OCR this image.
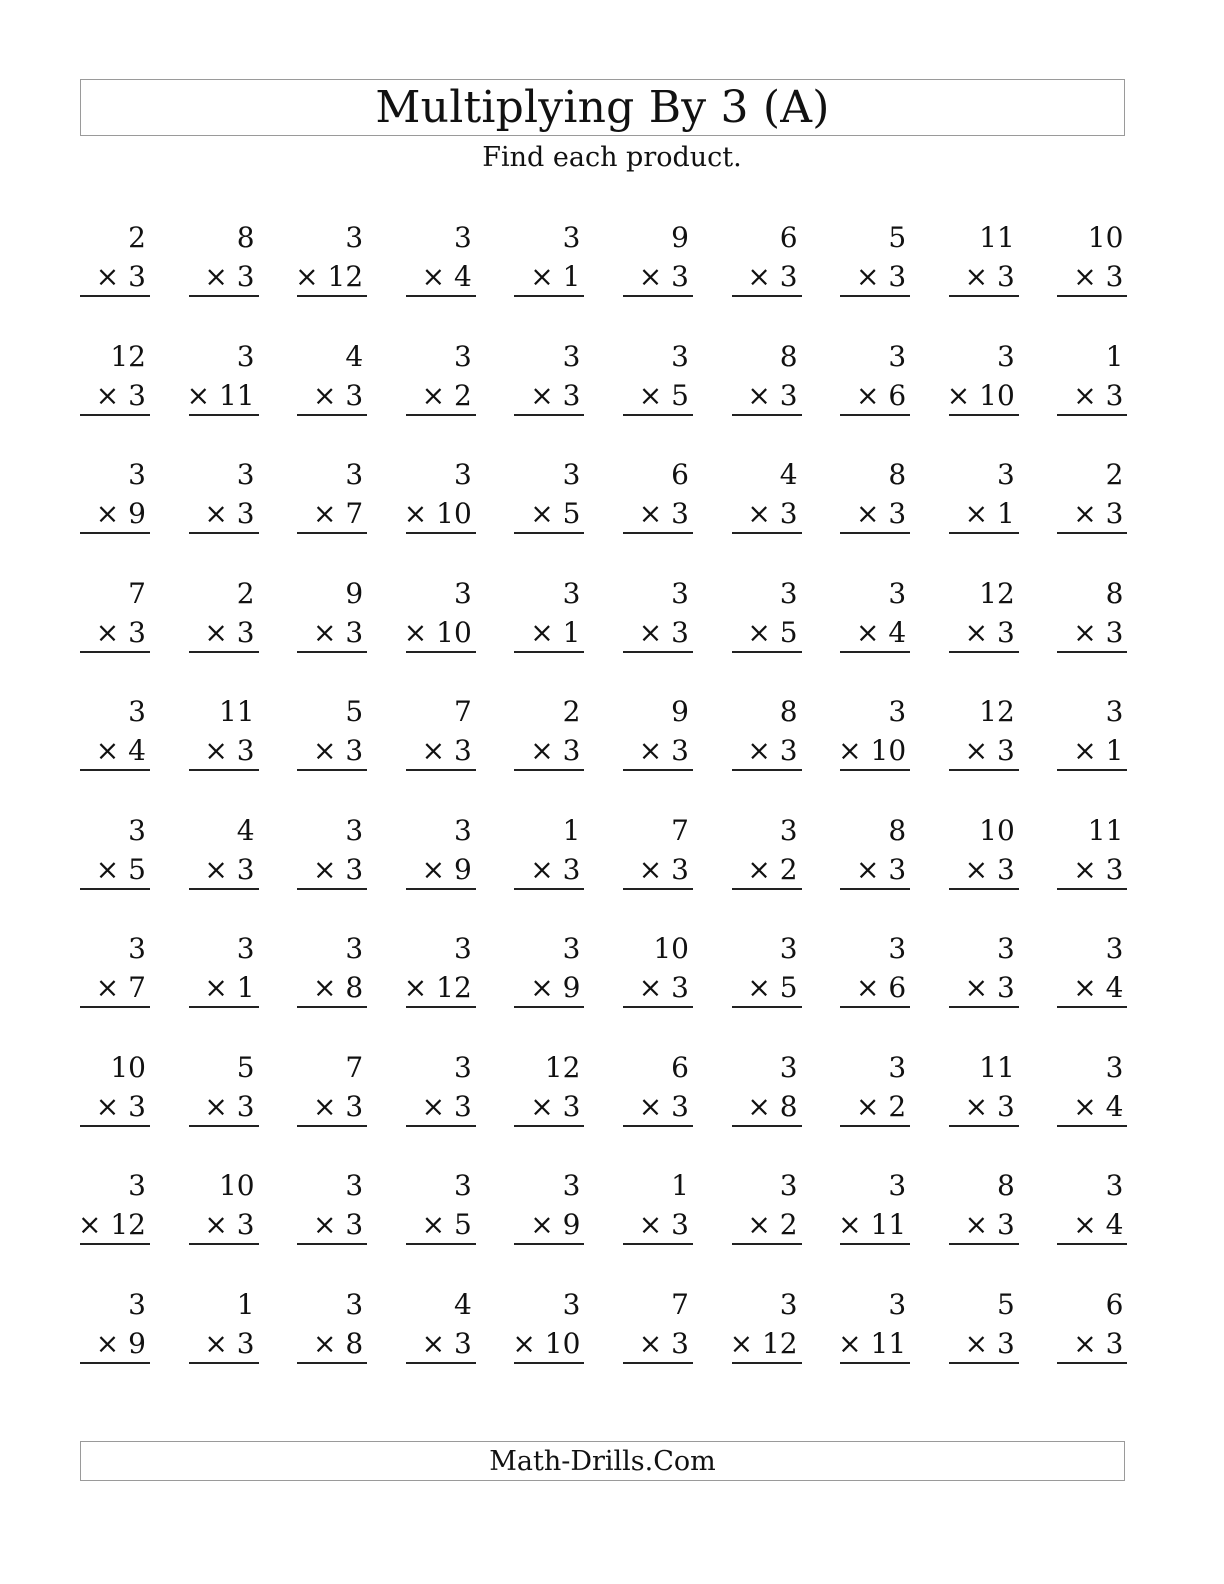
Multiplying By 3 (A)
Find each product.
2
× 3
8
× 3
3
× 12
3
× 4
3
× 1
9
× 3
6
× 3
5
× 3
11
× 3
10
× 3
12
× 3
3
× 11
4
× 3
3
× 2
3
× 3
3
× 5
8
× 3
3
× 6
3
× 10
1
× 3
3
× 9
3
× 3
3
× 7
3
× 10
3
× 5
6
× 3
4
× 3
8
× 3
3
× 1
2
× 3
7
× 3
2
× 3
9
× 3
3
× 10
3
× 1
3
× 3
3
× 5
3
× 4
12
× 3
8
× 3
3
× 4
11
× 3
5
× 3
7
× 3
2
× 3
9
× 3
8
× 3
3
× 10
12
× 3
3
× 1
3
× 5
4
× 3
3
× 3
3
× 9
1
× 3
7
× 3
3
× 2
8
× 3
10
× 3
11
× 3
3
× 7
3
× 1
3
× 8
3
× 12
3
× 9
10
× 3
3
× 5
3
× 6
3
× 3
3
× 4
10
× 3
5
× 3
7
× 3
3
× 3
12
× 3
6
× 3
3
× 8
3
× 2
11
× 3
3
× 4
3
× 12
10
× 3
3
× 3
3
× 5
3
× 9
1
× 3
3
× 2
3
× 11
8
× 3
3
× 4
3
× 9
1
× 3
3
× 8
4
× 3
3
× 10
7
× 3
3
× 12
3
× 11
5
× 3
6
× 3
Math-Drills.Com
